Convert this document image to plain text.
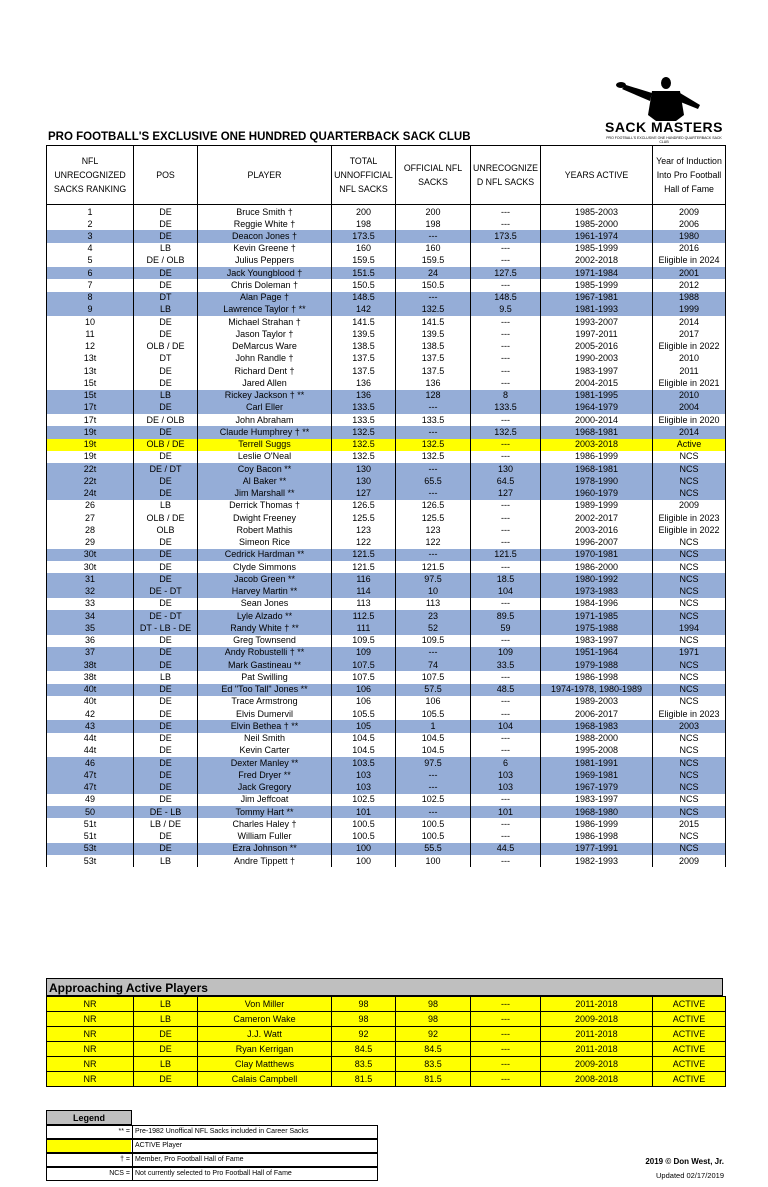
SACK MASTERS
PRO FOOTBALL'S EXCLUSIVE ONE HUNDRED QUARTERBACK SACK CLUB
PRO FOOTBALL'S EXCLUSIVE ONE HUNDRED QUARTERBACK SACK CLUB
NFL UNRECOGNIZED SACKS RANKING	POS	PLAYER	TOTAL UNNOFFICIAL NFL SACKS	OFFICIAL NFL SACKS	UNRECOGNIZE D NFL SACKS	YEARS ACTIVE	Year of Induction Into Pro Football Hall of Fame
1	DE	Bruce Smith †	200	200	---	1985-2003	2009
2	DE	Reggie White †	198	198	---	1985-2000	2006
3	DE	Deacon Jones †	173.5	---	173.5	1961-1974	1980
4	LB	Kevin Greene †	160	160	---	1985-1999	2016
5	DE / OLB	Julius Peppers	159.5	159.5	---	2002-2018	Eligible in 2024
6	DE	Jack Youngblood †	151.5	24	127.5	1971-1984	2001
7	DE	Chris Doleman †	150.5	150.5	---	1985-1999	2012
8	DT	Alan Page †	148.5	---	148.5	1967-1981	1988
9	LB	Lawrence Taylor † **	142	132.5	9.5	1981-1993	1999
10	DE	Michael Strahan †	141.5	141.5	---	1993-2007	2014
11	DE	Jason Taylor †	139.5	139.5	---	1997-2011	2017
12	OLB / DE	DeMarcus Ware	138.5	138.5	---	2005-2016	Eligible in 2022
13t	DT	John Randle †	137.5	137.5	---	1990-2003	2010
13t	DE	Richard Dent †	137.5	137.5	---	1983-1997	2011
15t	DE	Jared Allen	136	136	---	2004-2015	Eligible in 2021
15t	LB	Rickey Jackson † **	136	128	8	1981-1995	2010
17t	DE	Carl Eller	133.5	---	133.5	1964-1979	2004
17t	DE / OLB	John Abraham	133.5	133.5	---	2000-2014	Eligible in 2020
19t	DE	Claude Humphrey † **	132.5	---	132.5	1968-1981	2014
19t	OLB / DE	Terrell Suggs	132.5	132.5	---	2003-2018	Active
19t	DE	Leslie O'Neal	132.5	132.5	---	1986-1999	NCS
22t	DE / DT	Coy Bacon **	130	---	130	1968-1981	NCS
22t	DE	Al Baker **	130	65.5	64.5	1978-1990	NCS
24t	DE	Jim Marshall **	127	---	127	1960-1979	NCS
26	LB	Derrick Thomas †	126.5	126.5	---	1989-1999	2009
27	OLB / DE	Dwight Freeney	125.5	125.5	---	2002-2017	Eligible in 2023
28	OLB	Robert Mathis	123	123	---	2003-2016	Eligible in 2022
29	DE	Simeon Rice	122	122	---	1996-2007	NCS
30t	DE	Cedrick Hardman **	121.5	---	121.5	1970-1981	NCS
30t	DE	Clyde Simmons	121.5	121.5	---	1986-2000	NCS
31	DE	Jacob Green **	116	97.5	18.5	1980-1992	NCS
32	DE - DT	Harvey Martin **	114	10	104	1973-1983	NCS
33	DE	Sean Jones	113	113	---	1984-1996	NCS
34	DE - DT	Lyle Alzado **	112.5	23	89.5	1971-1985	NCS
35	DT - LB - DE	Randy White † **	111	52	59	1975-1988	1994
36	DE	Greg Townsend	109.5	109.5	---	1983-1997	NCS
37	DE	Andy Robustelli † **	109	---	109	1951-1964	1971
38t	DE	Mark Gastineau **	107.5	74	33.5	1979-1988	NCS
38t	LB	Pat Swilling	107.5	107.5	---	1986-1998	NCS
40t	DE	Ed "Too Tall" Jones **	106	57.5	48.5	1974-1978, 1980-1989	NCS
40t	DE	Trace Armstrong	106	106	---	1989-2003	NCS
42	DE	Elvis Dumervil	105.5	105.5	---	2006-2017	Eligible in 2023
43	DE	Elvin Bethea † **	105	1	104	1968-1983	2003
44t	DE	Neil Smith	104.5	104.5	---	1988-2000	NCS
44t	DE	Kevin Carter	104.5	104.5	---	1995-2008	NCS
46	DE	Dexter Manley **	103.5	97.5	6	1981-1991	NCS
47t	DE	Fred Dryer **	103	---	103	1969-1981	NCS
47t	DE	Jack Gregory	103	---	103	1967-1979	NCS
49	DE	Jim Jeffcoat	102.5	102.5	---	1983-1997	NCS
50	DE - LB	Tommy Hart **	101	---	101	1968-1980	NCS
51t	LB / DE	Charles Haley †	100.5	100.5	---	1986-1999	2015
51t	DE	William Fuller	100.5	100.5	---	1986-1998	NCS
53t	DE	Ezra Johnson **	100	55.5	44.5	1977-1991	NCS
53t	LB	Andre Tippett †	100	100	---	1982-1993	2009
Approaching Active Players
NR	LB	Von Miller	98	98	---	2011-2018	ACTIVE
NR	LB	Cameron Wake	98	98	---	2009-2018	ACTIVE
NR	DE	J.J. Watt	92	92	---	2011-2018	ACTIVE
NR	DE	Ryan Kerrigan	84.5	84.5	---	2011-2018	ACTIVE
NR	LB	Clay Matthews	83.5	83.5	---	2009-2018	ACTIVE
NR	DE	Calais Campbell	81.5	81.5	---	2008-2018	ACTIVE
Legend
** = Pre-1982 Unoffical NFL Sacks included in Career Sacks
ACTIVE Player
† = Member, Pro Football Hall of Fame
NCS = Not currently selected to Pro Football Hall of Fame
2019 © Don West, Jr.
Updated 02/17/2019
